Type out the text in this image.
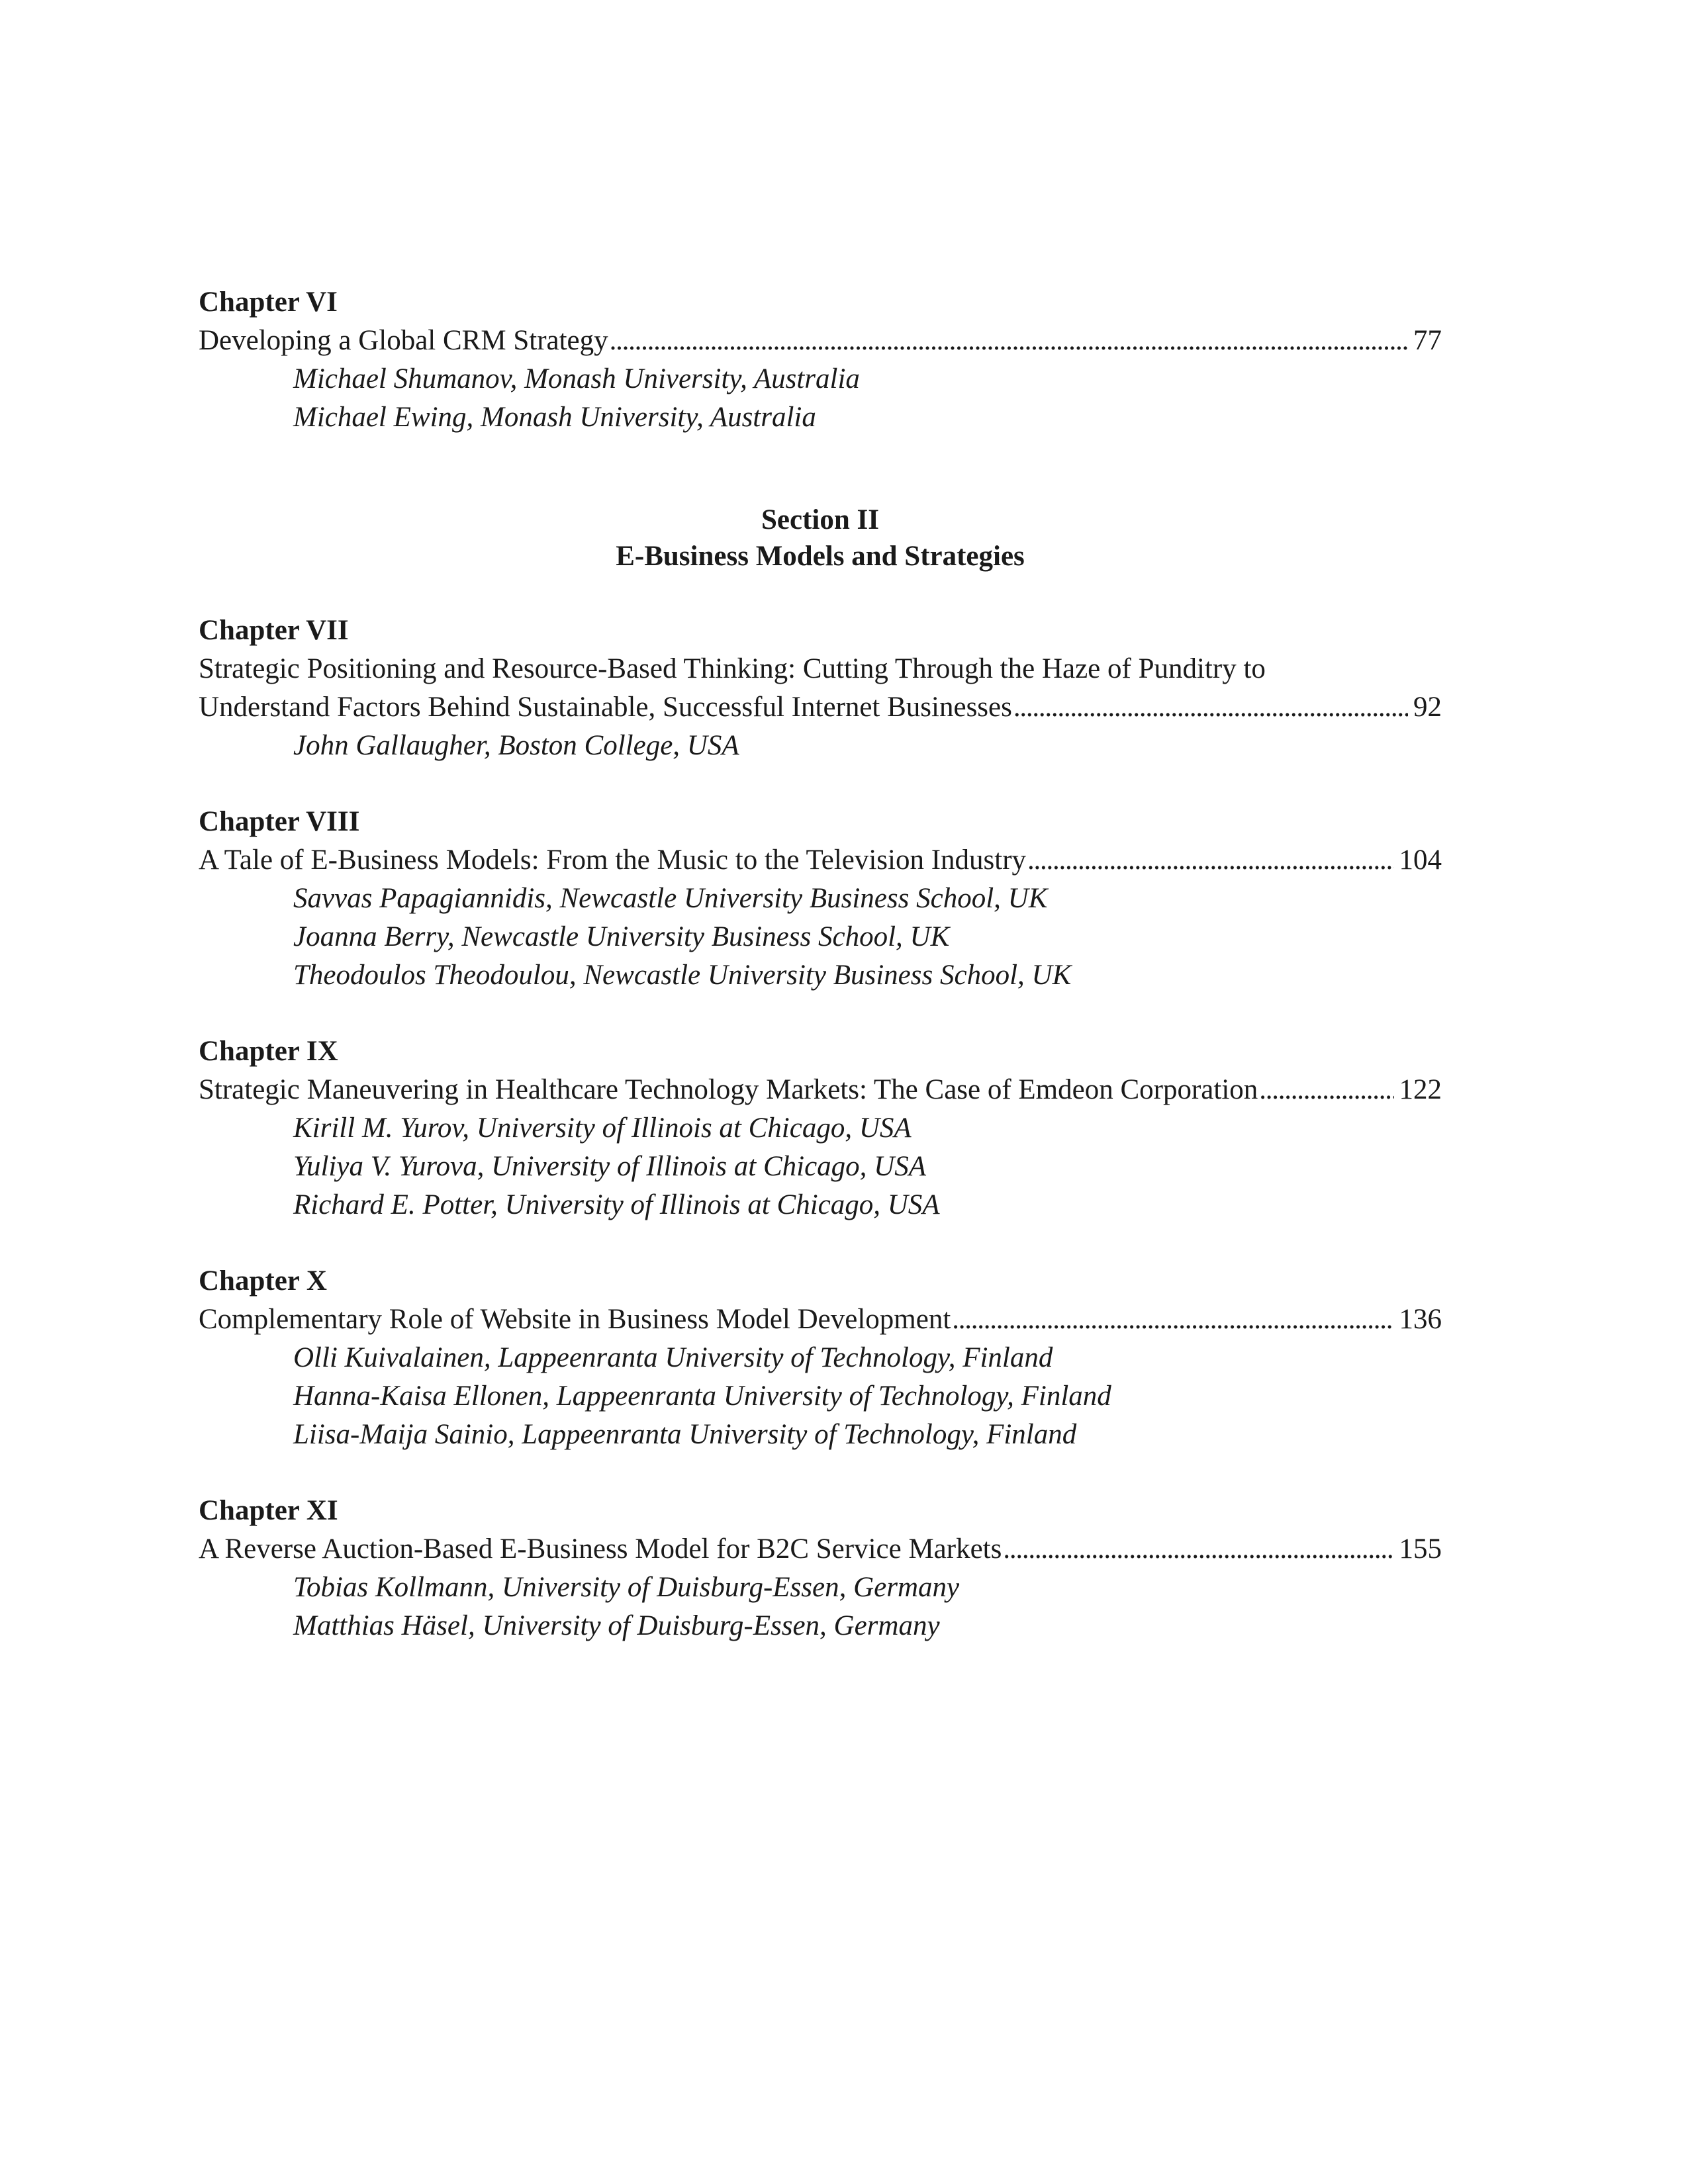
Chapter VI
Developing a Global CRM Strategy . . .	77
Michael Shumanov, Monash University, Australia
Michael Ewing, Monash University, Australia
Section II
E-Business Models and Strategies
Chapter VII
Strategic Positioning and Resource-Based Thinking: Cutting Through the Haze of Punditry to
Understand Factors Behind Sustainable, Successful Internet Businesses . . .	92
John Gallaugher, Boston College, USA
Chapter VIII
A Tale of E-Business Models: From the Music to the Television Industry . . .	104
Savvas Papagiannidis, Newcastle University Business School, UK
Joanna Berry, Newcastle University Business School, UK
Theodoulos Theodoulou, Newcastle University Business School, UK
Chapter IX
Strategic Maneuvering in Healthcare Technology Markets: The Case of Emdeon Corporation . . .	122
Kirill M. Yurov, University of Illinois at Chicago, USA
Yuliya V. Yurova, University of Illinois at Chicago, USA
Richard E. Potter, University of Illinois at Chicago, USA
Chapter X
Complementary Role of Website in Business Model Development . . .	136
Olli Kuivalainen, Lappeenranta University of Technology, Finland
Hanna-Kaisa Ellonen, Lappeenranta University of Technology, Finland
Liisa-Maija Sainio, Lappeenranta University of Technology, Finland
Chapter XI
A Reverse Auction-Based E-Business Model for B2C Service Markets . . .	155
Tobias Kollmann, University of Duisburg-Essen, Germany
Matthias Häsel, University of Duisburg-Essen, Germany
